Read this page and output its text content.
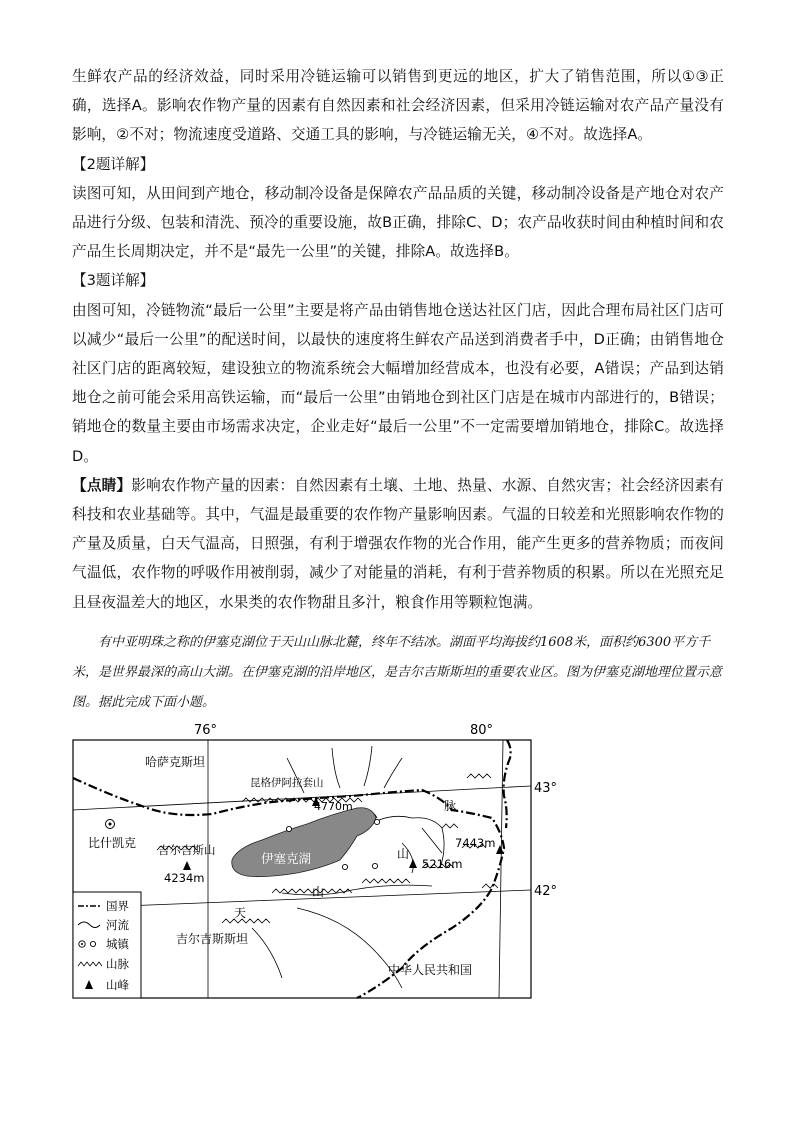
生鲜农产品的经济效益，同时采用冷链运输可以销售到更远的地区，扩大了销售范围，所以①③正确，选择A。影响农作物产量的因素有自然因素和社会经济因素，但采用冷链运输对农产品产量没有影响，②不对；物流速度受道路、交通工具的影响，与冷链运输无关，④不对。故选择A。

【2题详解】

读图可知，从田间到产地仓，移动制冷设备是保障农产品品质的关键，移动制冷设备是产地仓对农产品进行分级、包装和清洗、预冷的重要设施，故B正确，排除C、D；农产品收获时间由种植时间和农产品生长周期决定，并不是“最先一公里”的关键，排除A。故选择B。

【3题详解】

由图可知，冷链物流“最后一公里”主要是将产品由销售地仓送达社区门店，因此合理布局社区门店可以减少“最后一公里”的配送时间，以最快的速度将生鲜农产品送到消费者手中，D正确；由销售地仓社区门店的距离较短，建设独立的物流系统会大幅增加经营成本，也没有必要，A错误；产品到达销地仓之前可能会采用高铁运输，而“最后一公里”由销地仓到社区门店是在城市内部进行的，B错误；销地仓的数量主要由市场需求决定，企业走好“最后一公里”不一定需要增加销地仓，排除C。故选择D。

【点睛】影响农作物产量的因素：自然因素有土壤、土地、热量、水源、自然灾害；社会经济因素有科技和农业基础等。其中，气温是最重要的农作物产量影响因素。气温的日较差和光照影响农作物的产量及质量，白天气温高，日照强，有利于增强农作物的光合作用，能产生更多的营养物质；而夜间气温低，农作物的呼吸作用被削弱，减少了对能量的消耗，有利于营养物质的积累。所以在光照充足且昼夜温差大的地区，水果类的农作物甜且多汁，粮食作用等颗粒饱满。

有中亚明珠之称的伊塞克湖位于天山山脉北麓，终年不结冰。湖面平均海拔约1608米，面积约6300平方千米，是世界最深的高山大湖。在伊塞克湖的沿岸地区，是吉尔吉斯斯坦的重要农业区。图为伊塞克湖地理位置示意图。据此完成下面小题。

76°	80°
43°
42°
伊塞克湖
哈萨克斯坦
昆格伊阿拉套山
4770m
比什凯克 吉尔吉斯山
4234m
7443m
5216m
山
山
天
脉
吉尔吉斯斯坦
中华人民共和国
国界
河流
城镇
山脉
山峰
